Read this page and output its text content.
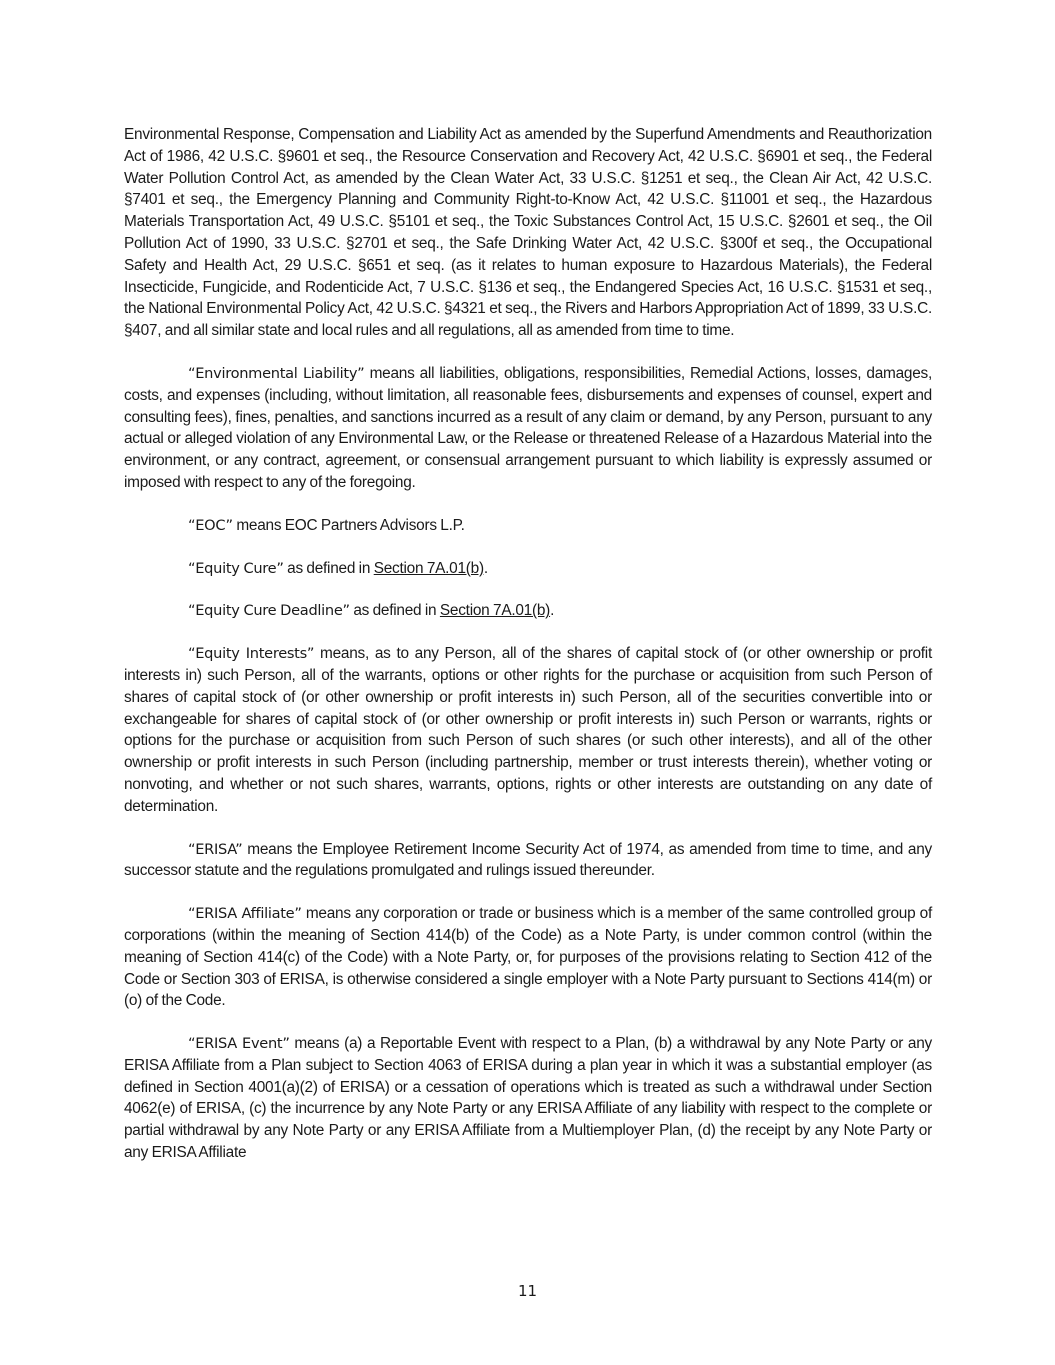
Environmental Response, Compensation and Liability Act as amended by the Superfund Amendments and Reauthorization Act of 1986, 42 U.S.C. §9601 et seq., the Resource Conservation and Recovery Act, 42 U.S.C. §6901 et seq., the Federal Water Pollution Control Act, as amended by the Clean Water Act, 33 U.S.C. §1251 et seq., the Clean Air Act, 42 U.S.C. §7401 et seq., the Emergency Planning and Community Right-to-Know Act, 42 U.S.C. §11001 et seq., the Hazardous Materials Transportation Act, 49 U.S.C. §5101 et seq., the Toxic Substances Control Act, 15 U.S.C. §2601 et seq., the Oil Pollution Act of 1990, 33 U.S.C. §2701 et seq., the Safe Drinking Water Act, 42 U.S.C. §300f et seq., the Occupational Safety and Health Act, 29 U.S.C. §651 et seq. (as it relates to human exposure to Hazardous Materials), the Federal Insecticide, Fungicide, and Rodenticide Act, 7 U.S.C. §136 et seq., the Endangered Species Act, 16 U.S.C. §1531 et seq., the National Environmental Policy Act, 42 U.S.C. §4321 et seq., the Rivers and Harbors Appropriation Act of 1899, 33 U.S.C. §407, and all similar state and local rules and all regulations, all as amended from time to time.

“Environmental Liability” means all liabilities, obligations, responsibilities, Remedial Actions, losses, damages, costs, and expenses (including, without limitation, all reasonable fees, disbursements and expenses of counsel, expert and consulting fees), fines, penalties, and sanctions incurred as a result of any claim or demand, by any Person, pursuant to any actual or alleged violation of any Environmental Law, or the Release or threatened Release of a Hazardous Material into the environment, or any contract, agreement, or consensual arrangement pursuant to which liability is expressly assumed or imposed with respect to any of the foregoing.

“EOC” means EOC Partners Advisors L.P.

“Equity Cure” as defined in Section 7A.01(b).

“Equity Cure Deadline” as defined in Section 7A.01(b).

“Equity Interests” means, as to any Person, all of the shares of capital stock of (or other ownership or profit interests in) such Person, all of the warrants, options or other rights for the purchase or acquisition from such Person of shares of capital stock of (or other ownership or profit interests in) such Person, all of the securities convertible into or exchangeable for shares of capital stock of (or other ownership or profit interests in) such Person or warrants, rights or options for the purchase or acquisition from such Person of such shares (or such other interests), and all of the other ownership or profit interests in such Person (including partnership, member or trust interests therein), whether voting or nonvoting, and whether or not such shares, warrants, options, rights or other interests are outstanding on any date of determination.

“ERISA” means the Employee Retirement Income Security Act of 1974, as amended from time to time, and any successor statute and the regulations promulgated and rulings issued thereunder.

“ERISA Affiliate” means any corporation or trade or business which is a member of the same controlled group of corporations (within the meaning of Section 414(b) of the Code) as a Note Party, is under common control (within the meaning of Section 414(c) of the Code) with a Note Party, or, for purposes of the provisions relating to Section 412 of the Code or Section 303 of ERISA, is otherwise considered a single employer with a Note Party pursuant to Sections 414(m) or (o) of the Code.

“ERISA Event” means (a) a Reportable Event with respect to a Plan, (b) a withdrawal by any Note Party or any ERISA Affiliate from a Plan subject to Section 4063 of ERISA during a plan year in which it was a substantial employer (as defined in Section 4001(a)(2) of ERISA) or a cessation of operations which is treated as such a withdrawal under Section 4062(e) of ERISA, (c) the incurrence by any Note Party or any ERISA Affiliate of any liability with respect to the complete or partial withdrawal by any Note Party or any ERISA Affiliate from a Multiemployer Plan, (d) the receipt by any Note Party or any ERISA Affiliate

11
